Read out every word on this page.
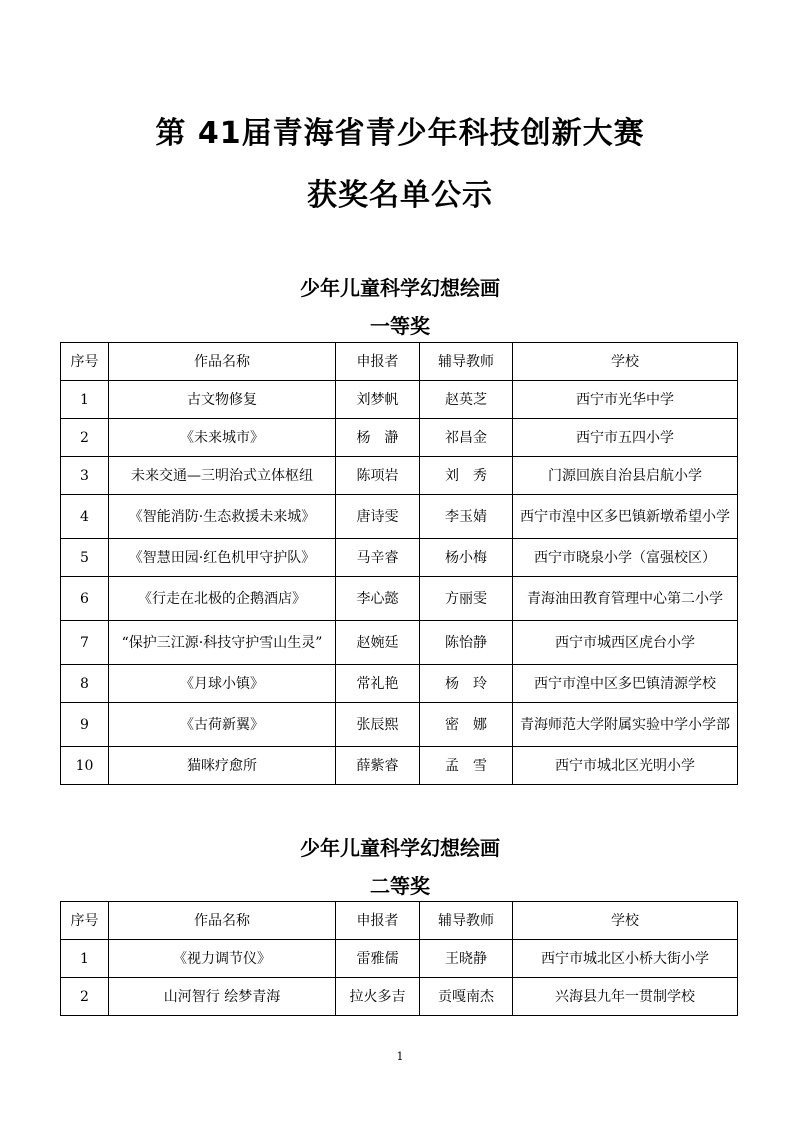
第 41届青海省青少年科技创新大赛
获奖名单公示
少年儿童科学幻想绘画
一等奖
序号	作品名称	申报者	辅导教师	学校
1	古文物修复	刘梦帆	赵英芝	西宁市光华中学
2	《未来城市》	杨　瀞	祁昌金	西宁市五四小学
3	未来交通—三明治式立体枢纽	陈项岩	刘　秀	门源回族自治县启航小学
4	《智能消防·生态救援未来城》	唐诗雯	李玉婧	西宁市湟中区多巴镇新墩希望小学
5	《智慧田园·红色机甲守护队》	马辛睿	杨小梅	西宁市晓泉小学（富强校区）
6	《行走在北极的企鹅酒店》	李心懿	方丽雯	青海油田教育管理中心第二小学
7	“保护三江源·科技守护雪山生灵”	赵婉廷	陈怡静	西宁市城西区虎台小学
8	《月球小镇》	常礼艳	杨　玲	西宁市湟中区多巴镇清源学校
9	《古荷新翼》	张辰熙	密　娜	青海师范大学附属实验中学小学部
10	猫咪疗愈所	薛紫睿	孟　雪	西宁市城北区光明小学
少年儿童科学幻想绘画
二等奖
序号	作品名称	申报者	辅导教师	学校
1	《视力调节仪》	雷雅儒	王晓静	西宁市城北区小桥大街小学
2	山河智行 绘梦青海	拉火多吉	贡嘎南杰	兴海县九年一贯制学校
1
